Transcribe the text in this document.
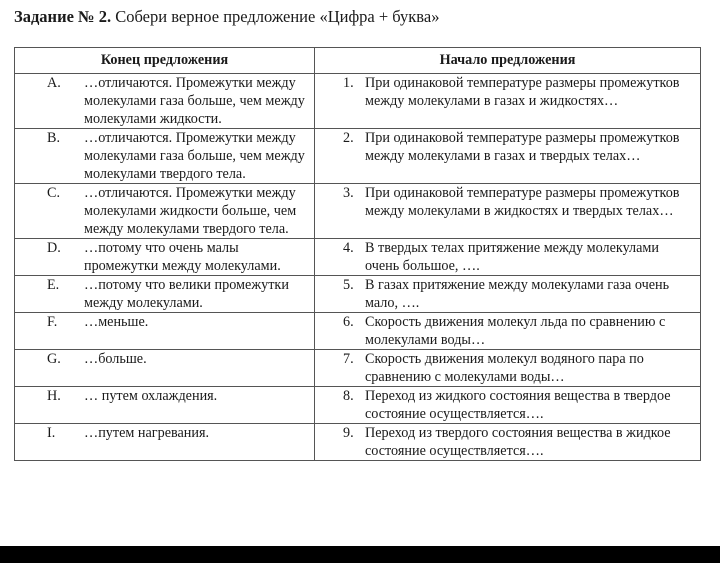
Задание № 2. Собери верное предложение «Цифра + буква»
Конец предложения	Начало предложения

A. …отличаются. Промежутки между молекулами газа больше, чем между молекулами жидкости.	1. При одинаковой температуре размеры промежутков между молекулами в газах и жидкостях…

B. …отличаются. Промежутки между молекулами газа больше, чем между молекулами твердого тела.	2. При одинаковой температуре размеры промежутков между молекулами в газах и твердых телах…

C. …отличаются. Промежутки между молекулами жидкости больше, чем между молекулами твердого тела.	3. При одинаковой температуре размеры промежутков между молекулами в жидкостях и твердых телах…

D. …потому что очень малы промежутки между молекулами.	4. В твердых телах притяжение между молекулами очень большое, ….

E. …потому что велики промежутки между молекулами.	5. В газах притяжение между молекулами газа очень мало, ….

F. …меньше.	6. Скорость движения молекул льда по сравнению с молекулами воды…

G. …больше.	7. Скорость движения молекул водяного пара по сравнению с молекулами воды…

H. … путем охлаждения.	8. Переход из жидкого состояния вещества в твердое состояние осуществляется….

I. …путем нагревания.	9. Переход из твердого состояния вещества в жидкое состояние осуществляется….
